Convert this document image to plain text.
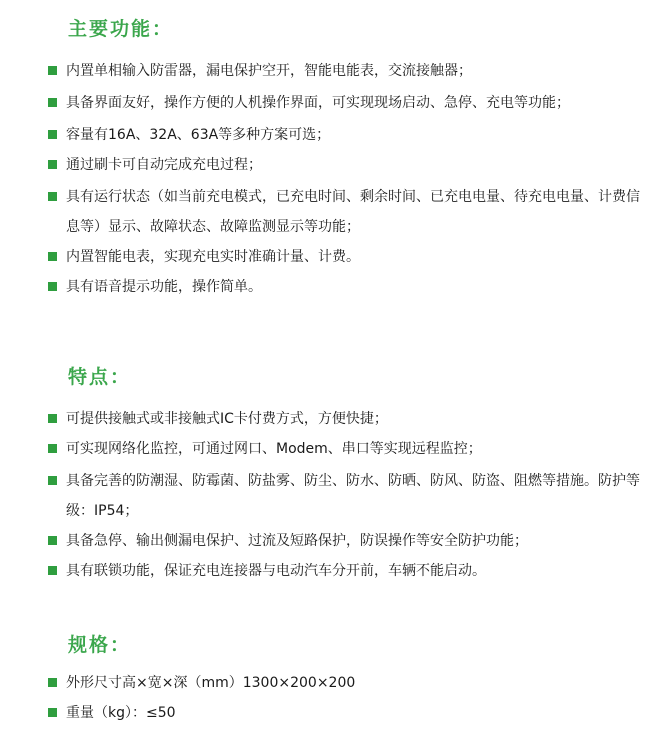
主要功能：
内置单相输入防雷器，漏电保护空开，智能电能表，交流接触器；
具备界面友好，操作方便的人机操作界面，可实现现场启动、急停、充电等功能；
容量有16A、32A、63A等多种方案可选；
通过刷卡可自动完成充电过程；
具有运行状态（如当前充电模式，已充电时间、剩余时间、已充电电量、待充电电量、计费信息等）显示、故障状态、故障监测显示等功能；
内置智能电表，实现充电实时准确计量、计费。
具有语音提示功能，操作简单。
特点：
可提供接触式或非接触式IC卡付费方式，方便快捷；
可实现网络化监控，可通过网口、Modem、串口等实现远程监控；
具备完善的防潮湿、防霉菌、防盐雾、防尘、防水、防晒、防风、防盗、阻燃等措施。防护等级：IP54；
具备急停、输出侧漏电保护、过流及短路保护，防误操作等安全防护功能；
具有联锁功能，保证充电连接器与电动汽车分开前，车辆不能启动。
规格：
外形尺寸高×宽×深（mm）1300×200×200
重量（kg）：≤50
